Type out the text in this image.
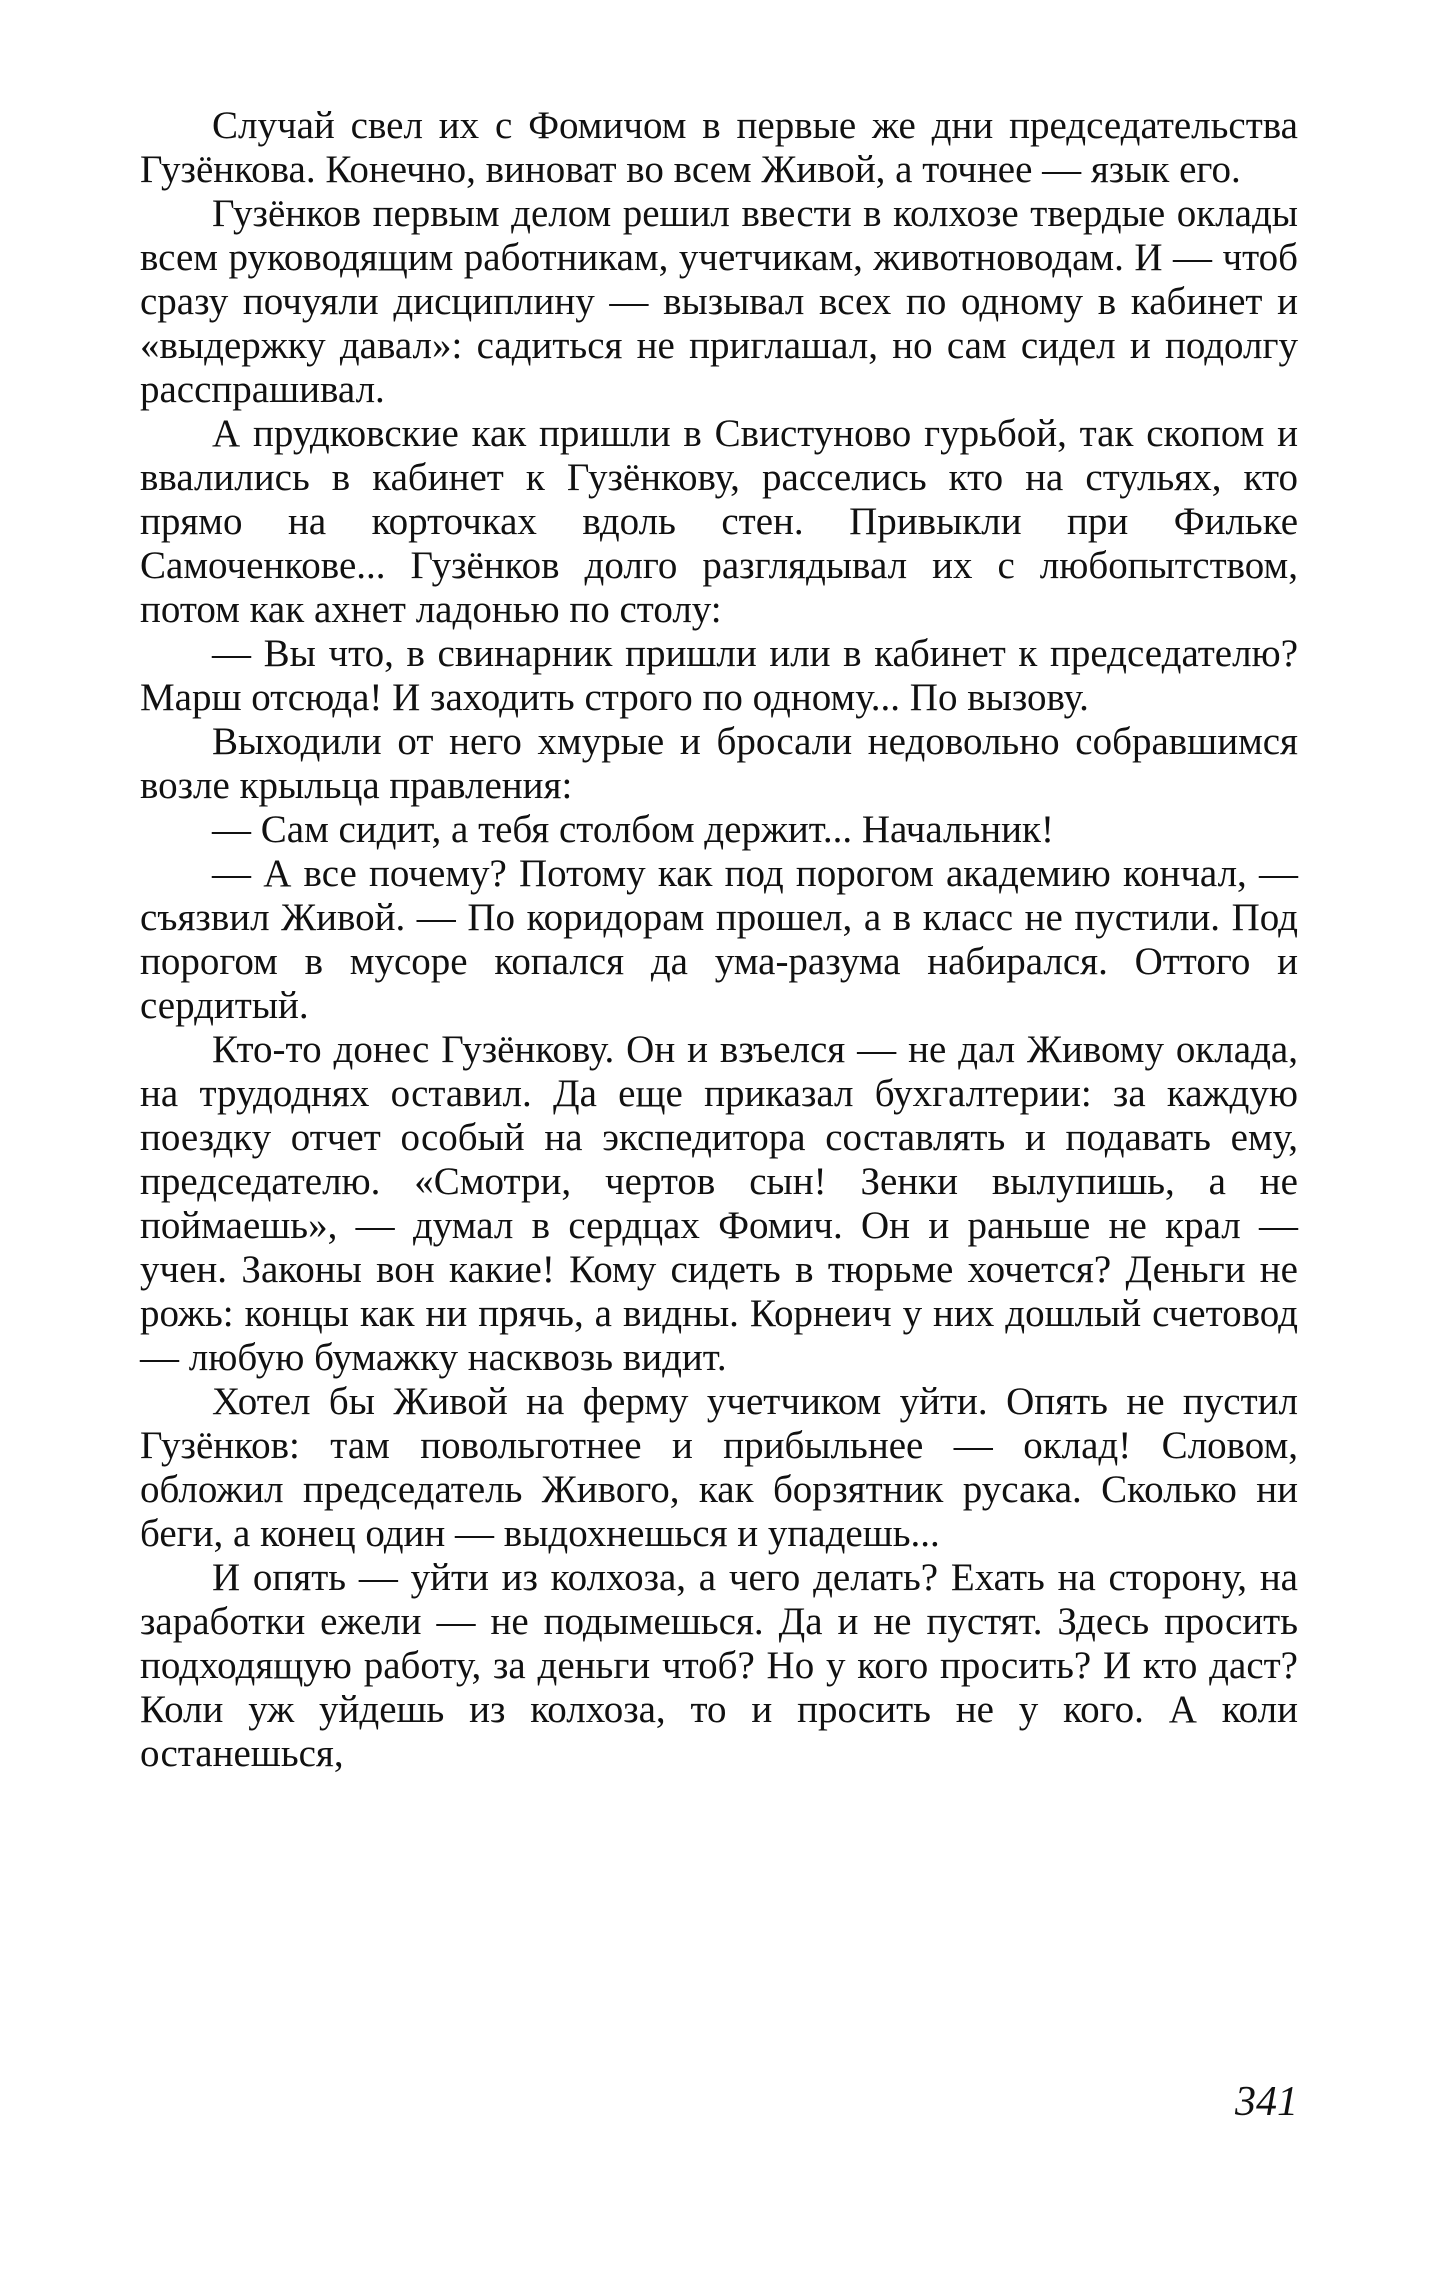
Случай свел их с Фомичом в первые же дни председательства Гузёнкова. Конечно, виноват во всем Живой, а точнее — язык его.

Гузёнков первым делом решил ввести в колхозе твердые оклады всем руководящим работникам, учетчикам, животноводам. И — чтоб сразу почуяли дисциплину — вызывал всех по одному в кабинет и «выдержку давал»: садиться не приглашал, но сам сидел и подолгу расспрашивал.

А прудковские как пришли в Свистуново гурьбой, так скопом и ввалились в кабинет к Гузёнкову, расселись кто на стульях, кто прямо на корточках вдоль стен. Привыкли при Фильке Самоченкове... Гузёнков долго разглядывал их с любопытством, потом как ахнет ладонью по столу:

— Вы что, в свинарник пришли или в кабинет к председателю? Марш отсюда! И заходить строго по одному... По вызову.

Выходили от него хмурые и бросали недовольно собравшимся возле крыльца правления:

— Сам сидит, а тебя столбом держит... Начальник!

— А все почему? Потому как под порогом академию кончал, — съязвил Живой. — По коридорам прошел, а в класс не пустили. Под порогом в мусоре копался да ума-разума набирался. Оттого и сердитый.

Кто-то донес Гузёнкову. Он и взъелся — не дал Живому оклада, на трудоднях оставил. Да еще приказал бухгалтерии: за каждую поездку отчет особый на экспедитора составлять и подавать ему, председателю. «Смотри, чертов сын! Зенки вылупишь, а не поймаешь», — думал в сердцах Фомич. Он и раньше не крал — учен. Законы вон какие! Кому сидеть в тюрьме хочется? Деньги не рожь: концы как ни прячь, а видны. Корнеич у них дошлый счетовод — любую бумажку насквозь видит.

Хотел бы Живой на ферму учетчиком уйти. Опять не пустил Гузёнков: там повольготнее и прибыльнее — оклад! Словом, обложил председатель Живого, как борзятник русака. Сколько ни беги, а конец один — выдохнешься и упадешь...

И опять — уйти из колхоза, а чего делать? Ехать на сторону, на заработки ежели — не подымешься. Да и не пустят. Здесь просить подходящую работу, за деньги чтоб? Но у кого просить? И кто даст? Коли уж уйдешь из колхоза, то и просить не у кого. А коли останешься,

341
